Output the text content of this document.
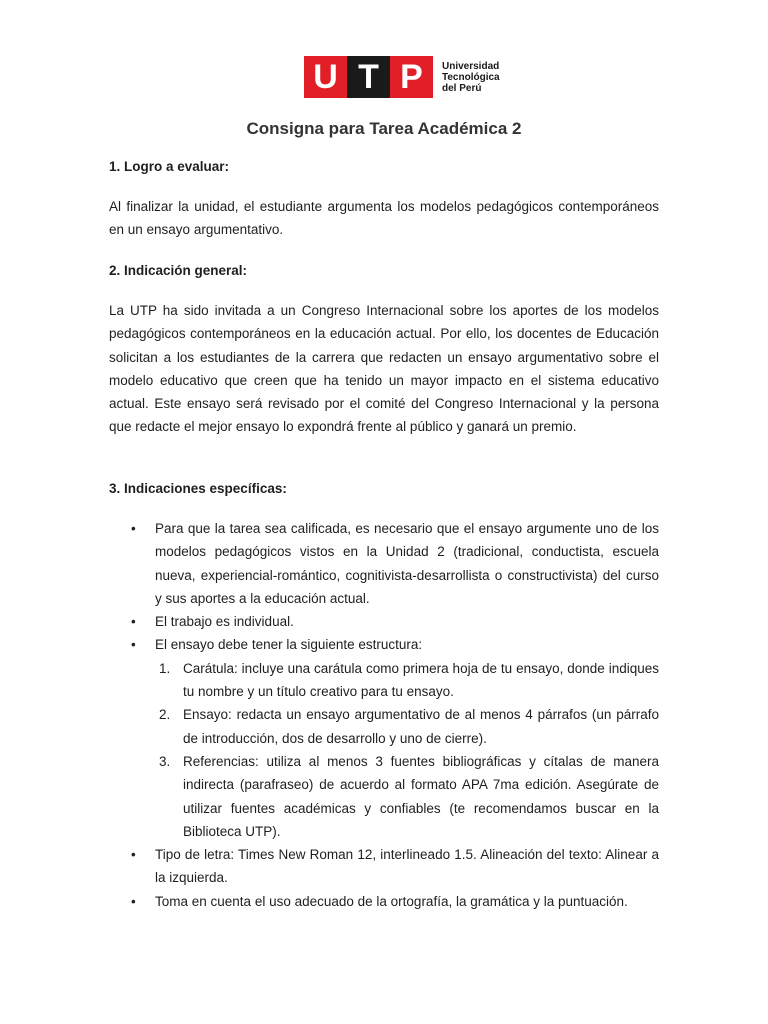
U T P	Universidad
Tecnológica
del Perú
Consigna para Tarea Académica 2
1. Logro a evaluar:
Al finalizar la unidad, el estudiante argumenta los modelos pedagógicos contemporáneos en un ensayo argumentativo.
2. Indicación general:
La UTP ha sido invitada a un Congreso Internacional sobre los aportes de los modelos pedagógicos contemporáneos en la educación actual. Por ello, los docentes de Educación solicitan a los estudiantes de la carrera que redacten un ensayo argumentativo sobre el modelo educativo que creen que ha tenido un mayor impacto en el sistema educativo actual. Este ensayo será revisado por el comité del Congreso Internacional y la persona que redacte el mejor ensayo lo expondrá frente al público y ganará un premio.
3. Indicaciones específicas:
• Para que la tarea sea calificada, es necesario que el ensayo argumente uno de los modelos pedagógicos vistos en la Unidad 2 (tradicional, conductista, escuela nueva, experiencial-romántico, cognitivista-desarrollista o constructivista) del curso y sus aportes a la educación actual.
• El trabajo es individual.
• El ensayo debe tener la siguiente estructura:
1. Carátula: incluye una carátula como primera hoja de tu ensayo, donde indiques tu nombre y un título creativo para tu ensayo.
2. Ensayo: redacta un ensayo argumentativo de al menos 4 párrafos (un párrafo de introducción, dos de desarrollo y uno de cierre).
3. Referencias: utiliza al menos 3 fuentes bibliográficas y cítalas de manera indirecta (parafraseo) de acuerdo al formato APA 7ma edición. Asegúrate de utilizar fuentes académicas y confiables (te recomendamos buscar en la Biblioteca UTP).
• Tipo de letra: Times New Roman 12, interlineado 1.5. Alineación del texto: Alinear a la izquierda.
• Toma en cuenta el uso adecuado de la ortografía, la gramática y la puntuación.
